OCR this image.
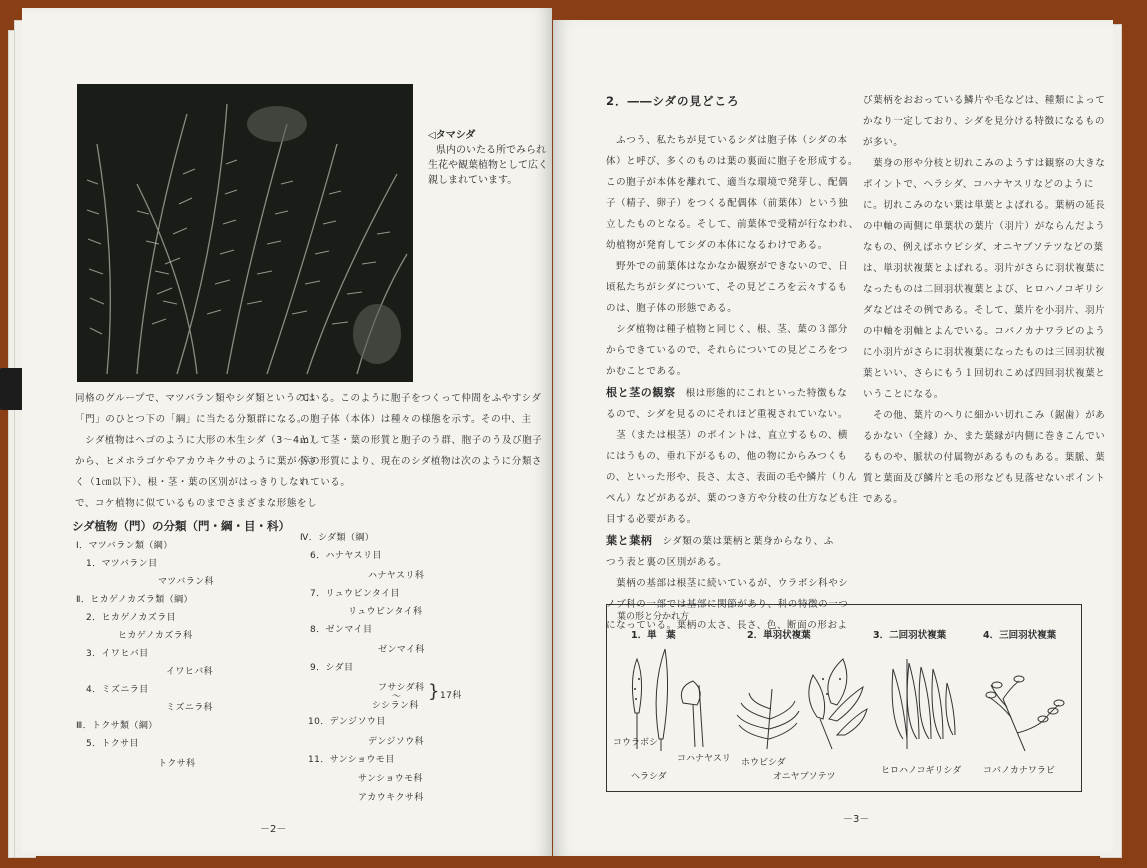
◁タマシダ
県内のいたる所でみられ
生花や観葉植物として広く
親しまれています。
同格のグループで、マツバラン類やシダ類というのは
「門」のひとつ下の「綱」に当たる分類群になる。
　シダ植物はヘゴのように大形の木生シダ（3～4ｍ）
から、ヒメホラゴケやアカウキクサのように葉が小さ
く（1㎝以下）、根・茎・葉の区別がはっきりしない
で、コケ植物に似ているものまでさまざまな形態をし
ている。このように胞子をつくって仲間をふやすシダ
の胞子体（本体）は種々の様態を示す。その中、主
として茎・葉の形質と胞子のう群、胞子のう及び胞子
等の形質により、現在のシダ植物は次のように分類さ
れている。
シダ植物（門）の分類（門・綱・目・科）
Ⅰ．マツバラン類（綱）
1．マツバラン目
マツバラン科
Ⅱ．ヒカゲノカズラ類（綱）
2．ヒカゲノカズラ目
ヒカゲノカズラ科
3．イワヒバ目
イワヒバ科
4．ミズニラ目
ミズニラ科
Ⅲ．トクサ類（綱）
5．トクサ目
トクサ科
Ⅳ．シダ類（綱）
6．ハナヤスリ目
ハナヤスリ科
7．リュウビンタイ目
リュウビンタイ科
8．ゼンマイ目
ゼンマイ科
9．シダ目
フサシダ科
〜
シシラン科
} 17科
10．デンジソウ目
デンジソウ科
11．サンショウモ目
サンショウモ科
アカウキクサ科
－2－
2．――シダの見どころ
　ふつう、私たちが見ているシダは胞子体（シダの本
体）と呼び、多くのものは葉の裏面に胞子を形成する。
この胞子が本体を離れて、適当な環境で発芽し、配偶
子（精子、卵子）をつくる配偶体（前葉体）という独
立したものとなる。そして、前葉体で受精が行なわれ、
幼植物が発育してシダの本体になるわけである。
　野外での前葉体はなかなか観察ができないので、日
頃私たちがシダについて、その見どころを云々するも
のは、胞子体の形態である。
　シダ植物は種子植物と同じく、根、茎、葉の３部分
からできているので、それらについての見どころをつ
かむことである。
根と茎の観察　根は形態的にこれといった特徴もな
るので、シダを見るのにそれほど重視されていない。
　茎（または根茎）のポイントは、直立するもの、横
にはうもの、垂れ下がるもの、他の物にからみつくも
の、といった形や、長さ、太さ、表面の毛や鱗片（りん
ぺん）などがあるが、葉のつき方や分枝の仕方なども注
目する必要がある。
葉と葉柄　シダ類の葉は葉柄と葉身からなり、ふ
つう表と裏の区別がある。
　葉柄の基部は根茎に続いているが、ウラボシ科やシ
ノブ科の一部では基部に関節があり、科の特徴の一つ
になっている。葉柄の太さ、長さ、色、断面の形およ
び葉柄をおおっている鱗片や毛などは、種類によって
かなり一定しており、シダを見分ける特徴になるもの
が多い。
　葉身の形や分枝と切れこみのようすは観察の大きな
ポイントで、ヘラシダ、コハナヤスリなどのように
に。切れこみのない葉は単葉とよばれる。葉柄の延長
の中軸の両側に単葉状の葉片（羽片）がならんだよう
なもの、例えばホウビシダ、オニヤブソテツなどの葉
は、単羽状複葉とよばれる。羽片がさらに羽状複葉に
なったものは二回羽状複葉とよび、ヒロハノコギリシ
ダなどはその例である。そして、葉片を小羽片、羽片
の中軸を羽軸とよんでいる。コバノカナワラビのよう
に小羽片がさらに羽状複葉になったものは三回羽状複
葉といい、さらにもう１回切れこめば四回羽状複葉と
いうことになる。
　その他、葉片のへりに細かい切れこみ（鋸歯）があ
るかない（全縁）か、また葉縁が内側に巻きこんでい
るものや、脈状の付属物があるものもある。葉脈、葉
質と葉面及び鱗片と毛の形なども見落せないポイント
である。
葉の形と分かれ方
1．単　葉	2．単羽状複葉	3．二回羽状複葉	4．三回羽状複葉
コウラボシ
ヘラシダ
コハナヤスリ ホウビシダ
オニヤブソテツ
ヒロハノコギリシダ コバノカナワラビ
－3－
